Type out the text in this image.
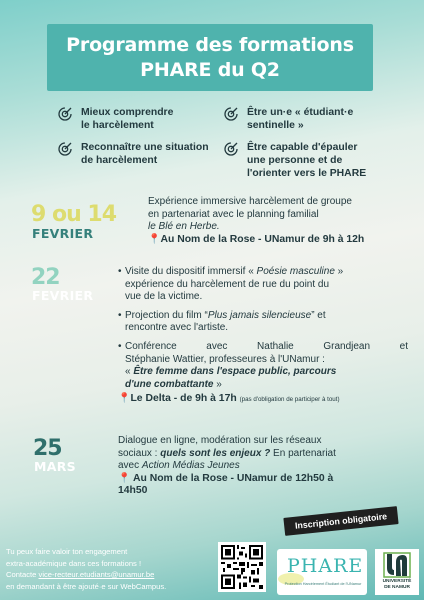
Programme des formations
PHARE du Q2
Mieux comprendre
le harcèlement
Être un·e « étudiant·e
sentinelle »
Reconnaître une situation
de harcèlement
Être capable d'épauler
une personne et de
l'orienter vers le PHARE
9 ou 14
FEVRIER
Expérience immersive harcèlement de groupe
en partenariat avec le planning familial
le Blé en Herbe.
📍Au Nom de la Rose - UNamur de 9h à 12h
22
FEVRIER
• Visite du dispositif immersif « Poésie masculine »
expérience du harcèlement de rue du point du
vue de la victime.
• Projection du film “Plus jamais silencieuse” et
rencontre avec l'artiste.
• Conférence avec Nathalie Grandjean et
Stéphanie Wattier, professeures à l'UNamur :
« Être femme dans l'espace public, parcours
d'une combattante »
📍Le Delta - de 9h à 17h (pas d'obligation de participer à tout)
25
MARS
Dialogue en ligne, modération sur les réseaux
sociaux : quels sont les enjeux ? En partenariat
avec Action Médias Jeunes
📍 Au Nom de la Rose - UNamur de 12h50 à
14h50
Inscription obligatoire
Tu peux faire valoir ton engagement
extra-académique dans ces formations !
Contacte vice-recteur.etudiants@unamur.be
en demandant à être ajouté·e sur WebCampus.
PHARE
Protection Harcèlement Étudiant de l'UNamur	UNIVERSITÉ
DE NAMUR
